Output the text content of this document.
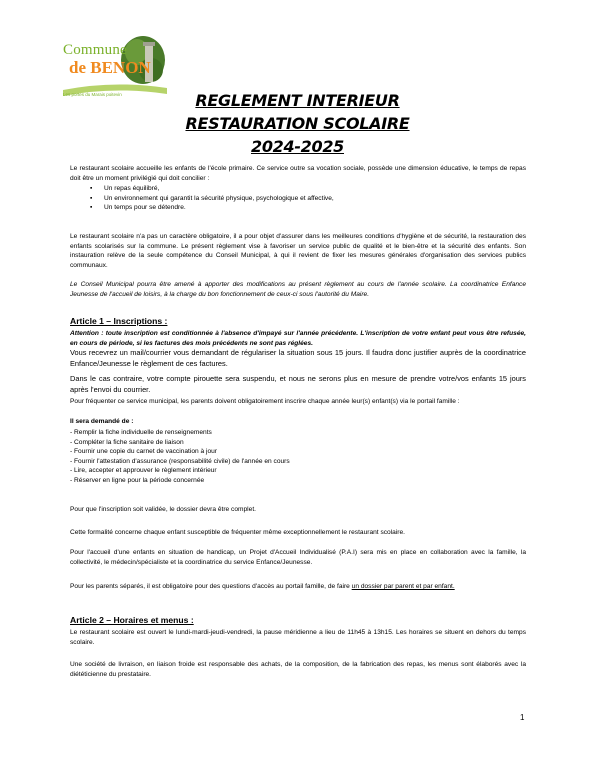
Commune
de BENON
Les portes du Marais poitevin	REGLEMENT INTERIEUR
RESTAURATION SCOLAIRE
2024-2025
Le restaurant scolaire accueille les enfants de l'école primaire. Ce service outre sa vocation sociale, possède une dimension éducative, le temps de repas doit être un moment privilégié qui doit concilier :
▪ Un repas équilibré,
▪ Un environnement qui garantit la sécurité physique, psychologique et affective,
▪ Un temps pour se détendre.
Le restaurant scolaire n'a pas un caractère obligatoire, il a pour objet d'assurer dans les meilleures conditions d'hygiène et de sécurité, la restauration des enfants scolarisés sur la commune. Le présent règlement vise à favoriser un service public de qualité et le bien-être et la sécurité des enfants. Son instauration relève de la seule compétence du Conseil Municipal, à qui il revient de fixer les mesures générales d'organisation des services publics communaux.
Le Conseil Municipal pourra être amené à apporter des modifications au présent règlement au cours de l'année scolaire. La coordinatrice Enfance Jeunesse de l'accueil de loisirs, à la charge du bon fonctionnement de ceux-ci sous l'autorité du Maire.
Article 1 – Inscriptions :
Attention : toute inscription est conditionnée à l'absence d'impayé sur l'année précédente. L'inscription de votre enfant peut vous être refusée, en cours de période, si les factures des mois précédents ne sont pas réglées.
Vous recevrez un mail/courrier vous demandant de régulariser la situation sous 15 jours. Il faudra donc justifier auprès de la coordinatrice Enfance/Jeunesse le règlement de ces factures.
Dans le cas contraire, votre compte pirouette sera suspendu, et nous ne serons plus en mesure de prendre votre/vos enfants 15 jours après l'envoi du courrier.
Pour fréquenter ce service municipal, les parents doivent obligatoirement inscrire chaque année leur(s) enfant(s) via le portail famille :
Il sera demandé de :
- Remplir la fiche individuelle de renseignements
- Compléter la fiche sanitaire de liaison
- Fournir une copie du carnet de vaccination à jour
- Fournir l'attestation d'assurance (responsabilité civile) de l'année en cours
- Lire, accepter et approuver le règlement intérieur
- Réserver en ligne pour la période concernée
Pour que l'inscription soit validée, le dossier devra être complet.
Cette formalité concerne chaque enfant susceptible de fréquenter même exceptionnellement le restaurant scolaire.
Pour l'accueil d'une enfants en situation de handicap, un Projet d'Accueil Individualisé (P.A.I) sera mis en place en collaboration avec la famille, la collectivité, le médecin/spécialiste et la coordinatrice du service Enfance/Jeunesse.
Pour les parents séparés, il est obligatoire pour des questions d'accès au portail famille, de faire un dossier par parent et par enfant.
Article 2 – Horaires et menus :
Le restaurant scolaire est ouvert le lundi-mardi-jeudi-vendredi, la pause méridienne a lieu de 11h45 à 13h15. Les horaires se situent en dehors du temps scolaire.
Une société de livraison, en liaison froide est responsable des achats, de la composition, de la fabrication des repas, les menus sont élaborés avec la diététicienne du prestataire.
1
